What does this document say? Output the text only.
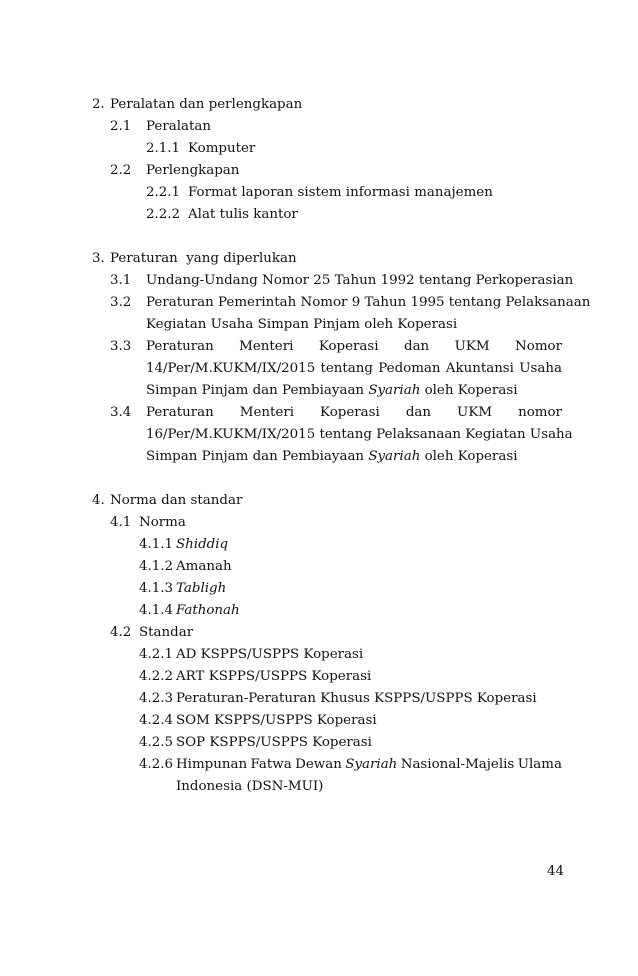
2. Peralatan dan perlengkapan
2.1 Peralatan
2.1.1 Komputer
2.2 Perlengkapan
2.2.1 Format laporan sistem informasi manajemen
2.2.2 Alat tulis kantor
3. Peraturan  yang diperlukan
3.1 Undang-Undang Nomor 25 Tahun 1992 tentang Perkoperasian
3.2 Peraturan Pemerintah Nomor 9 Tahun 1995 tentang Pelaksanaan
Kegiatan Usaha Simpan Pinjam oleh Koperasi
3.3 Peraturan Menteri Koperasi dan UKM Nomor
14/Per/M.KUKM/IX/2015 tentang Pedoman Akuntansi Usaha
Simpan Pinjam dan Pembiayaan Syariah oleh Koperasi
3.4 Peraturan Menteri Koperasi dan UKM nomor
16/Per/M.KUKM/IX/2015 tentang Pelaksanaan Kegiatan Usaha
Simpan Pinjam dan Pembiayaan Syariah oleh Koperasi
4. Norma dan standar
4.1 Norma
4.1.1 Shiddiq
4.1.2 Amanah
4.1.3 Tabligh
4.1.4 Fathonah
4.2 Standar
4.2.1 AD KSPPS/USPPS Koperasi
4.2.2 ART KSPPS/USPPS Koperasi
4.2.3 Peraturan-Peraturan Khusus KSPPS/USPPS Koperasi
4.2.4 SOM KSPPS/USPPS Koperasi
4.2.5 SOP KSPPS/USPPS Koperasi
4.2.6 Himpunan Fatwa Dewan Syariah Nasional-Majelis Ulama
Indonesia (DSN-MUI)
44
